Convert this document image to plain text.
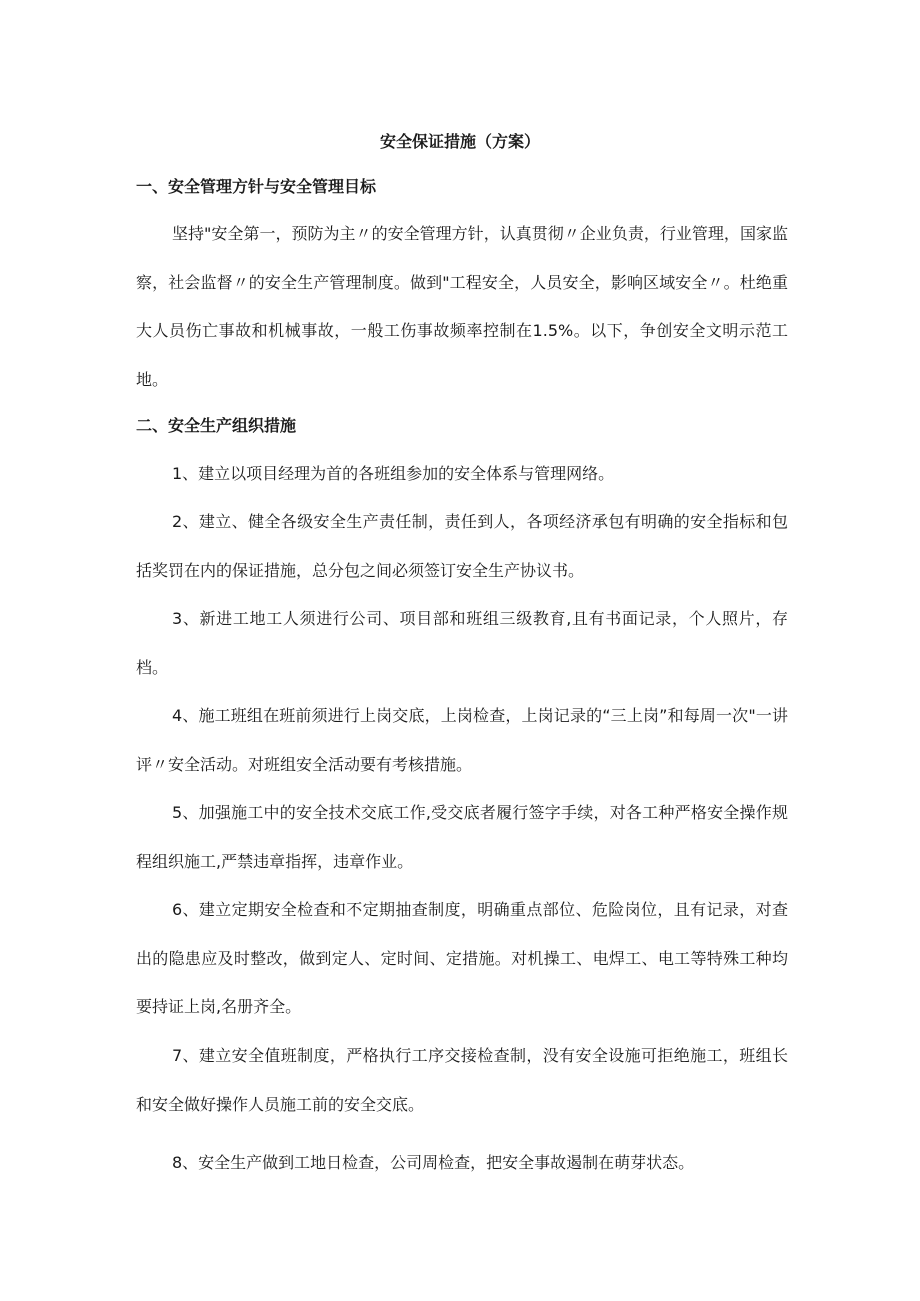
安全保证措施（方案）
一、安全管理方针与安全管理目标

坚持"安全第一，预防为主〃的安全管理方针，认真贯彻〃企业负责，行业管理，国家监察，社会监督〃的安全生产管理制度。做到"工程安全，人员安全，影响区域安全〃。杜绝重大人员伤亡事故和机械事故，一般工伤事故频率控制在1.5%。以下，争创安全文明示范工地。

二、安全生产组织措施

1、建立以项目经理为首的各班组参加的安全体系与管理网络。

2、建立、健全各级安全生产责任制，责任到人，各项经济承包有明确的安全指标和包括奖罚在内的保证措施，总分包之间必须签订安全生产协议书。

3、新进工地工人须进行公司、项目部和班组三级教育,且有书面记录，个人照片，存档。

4、施工班组在班前须进行上岗交底，上岗检查，上岗记录的“三上岗”和每周一次"一讲评〃安全活动。对班组安全活动要有考核措施。

5、加强施工中的安全技术交底工作,受交底者履行签字手续，对各工种严格安全操作规程组织施工,严禁违章指挥，违章作业。

6、建立定期安全检查和不定期抽查制度，明确重点部位、危险岗位，且有记录，对查出的隐患应及时整改，做到定人、定时间、定措施。对机操工、电焊工、电工等特殊工种均要持证上岗,名册齐全。

7、建立安全值班制度，严格执行工序交接检查制，没有安全设施可拒绝施工，班组长和安全做好操作人员施工前的安全交底。

8、安全生产做到工地日检查，公司周检查，把安全事故遏制在萌芽状态。
